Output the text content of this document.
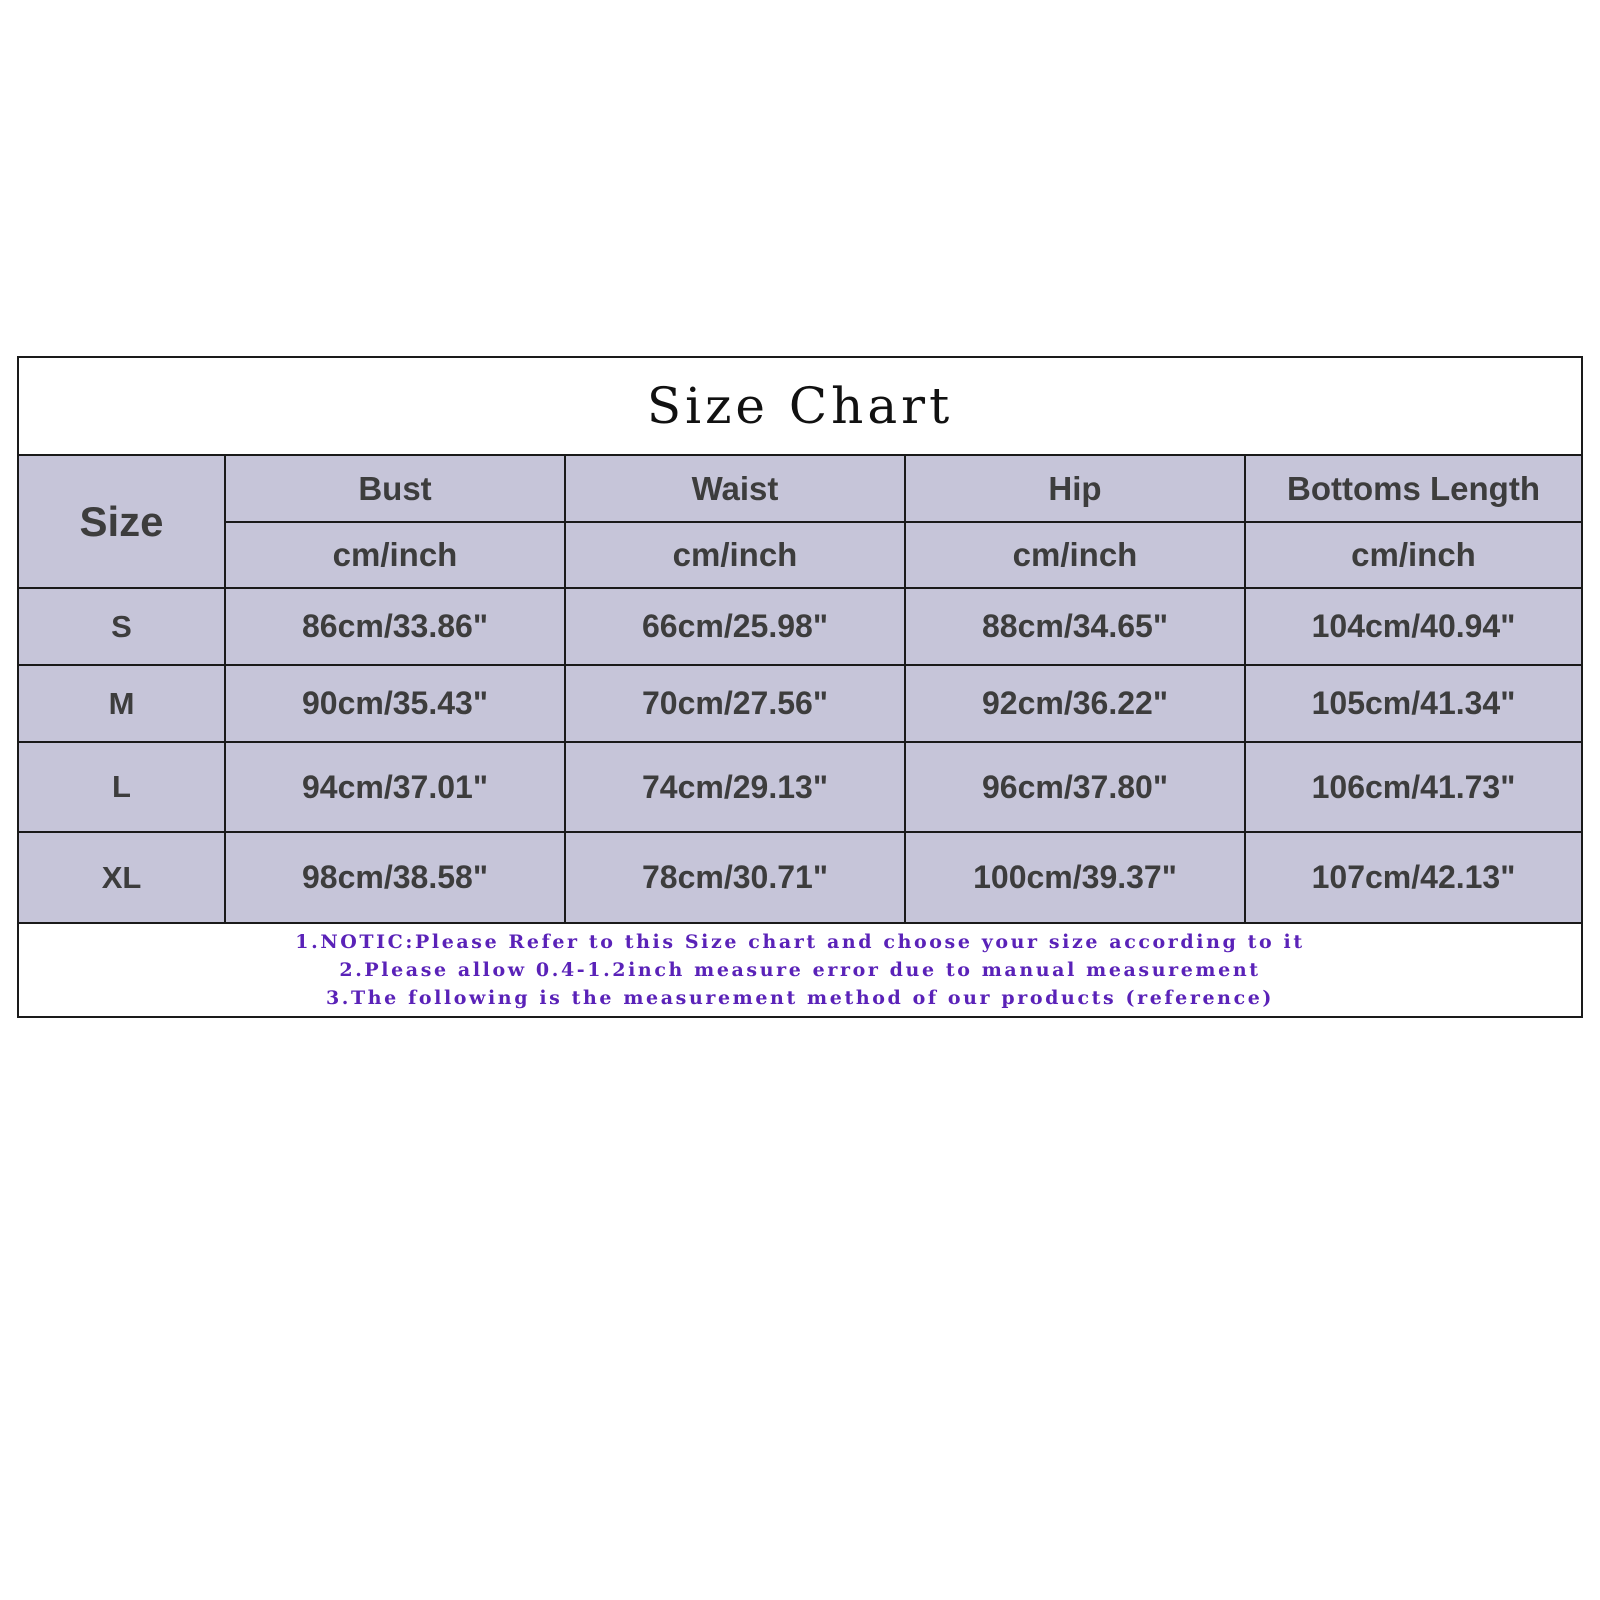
Size Chart
Size	Bust	Waist	Hip	Bottoms Length
	cm/inch	cm/inch	cm/inch	cm/inch
S	86cm/33.86"	66cm/25.98"	88cm/34.65"	104cm/40.94"
M	90cm/35.43"	70cm/27.56"	92cm/36.22"	105cm/41.34"
L	94cm/37.01"	74cm/29.13"	96cm/37.80"	106cm/41.73"
XL	98cm/38.58"	78cm/30.71"	100cm/39.37"	107cm/42.13"
1.NOTIC:Please Refer to this Size chart and choose your size according to it
2.Please allow 0.4-1.2inch measure error due to manual measurement
3.The following is the measurement method of our products (reference)
